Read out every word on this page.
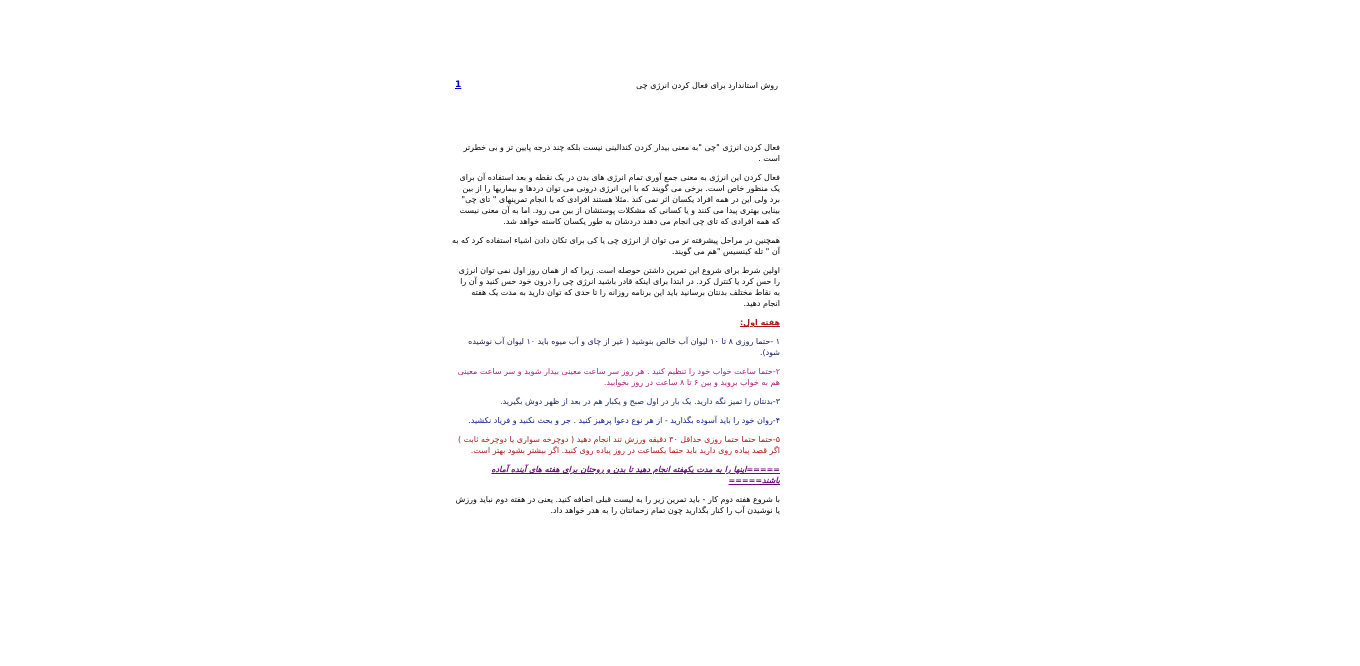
1	روش استاندارد برای فعال کردن انرژی چی

فعال کردن انرژی "چی "به معنی بیدار کردن کندالینی نیست بلکه چند درجه پایین تر و بی خطرتر است .

فعال کردن این انرژی به معنی جمع آوری تمام انرژی های بدن در یک نقطه و بعد استفاده آن برای یک منظور خاص است. برخی می گویند که با این انرژی درونی می توان دردها و بیماریها را از بین برد ولی این در همه افراد یکسان اثر نمی کند .مثلا هستند افرادی که با انجام تمرینهای " تای چی" بینایی بهتری پیدا می کنند و یا کسانی که مشکلات پوستشان از بین می رود. اما به آن معنی نیست که همه افرادی که تای چی انجام می دهند دردشان به طور یکسان کاسته خواهد شد.

همچنین در مراحل پیشرفته تر می توان از انرژی چی یا کی برای تکان دادن اشیاء استفاده کرد که به آن " تله کینسیس "هم می گویند.

اولین شرط برای شروع این تمرین داشتن حوصله است. زیرا که از همان روز اول نمی توان انرژی را حس کرد یا کنترل کرد. در ابتدا برای اینکه قادر باشید انرژی چی را درون خود حس کنید و آن را به نقاط مختلف بدنتان برسانید باید این برنامه روزانه را تا حدی که توان دارید به مدت یک هفته انجام دهید.

هفته اول:

۱ -حتما روزی ۸ تا ۱۰ لیوان آب خالص بنوشید ( غیر از چای و آب میوه باید ۱۰ لیوان آب نوشیده شود).

۲-حتما ساعت خواب خود را تنظیم کنید . هر روز سر ساعت معینی بیدار شوید و سر ساعت معینی هم به خواب بروید و بین ۶ تا ۸ ساعت در روز بخوابید.

۳-بدنتان را تمیز نگه دارید. یک بار در اول صبح و یکبار هم در بعد از ظهر دوش بگیرید.

۴-روان خود را باید آسوده بگذارید - از هر نوع دعوا پرهیز کنید . جر و بحث نکنید و فریاد نکشید.

۵-حتما حتما حتما روزی حداقل ۳۰ دقیقه ورزش تند انجام دهید ( دوچرخه سواری یا دوچرخه ثابت ) اگر قصد پیاده روی دارید باید حتما یکساعت در روز پیاده روی کنید. اگر بیشتر بشود بهتر است.

=====اینها را به مدت یکهفته انجام دهید تا بدن و روحتان برای هفته های آینده آماده باشند=====

با شروع هفته دوم کار - باید تمرین زیر را به لیست قبلی اضافه کنید. یعنی در هفته دوم نباید ورزش یا نوشیدن آب را کنار بگذارید چون تمام زحماتتان را به هدر خواهد داد.
